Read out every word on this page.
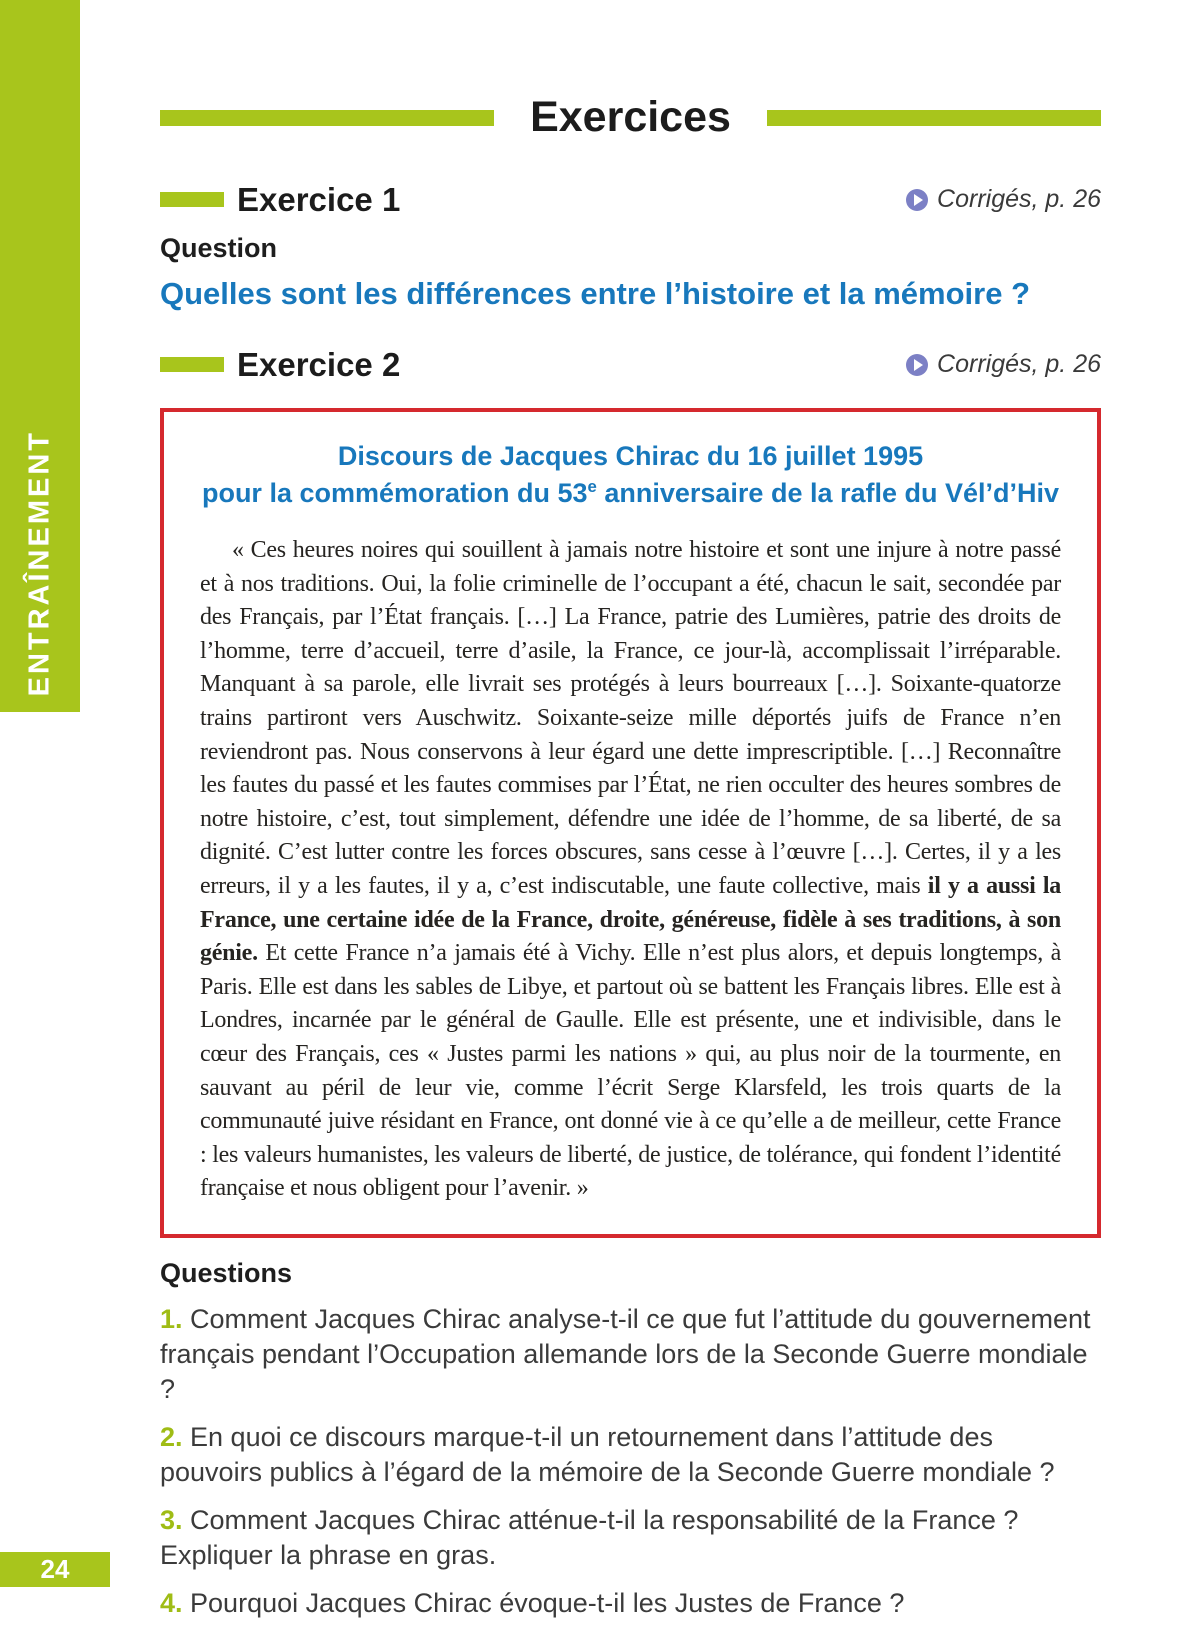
ENTRAÎNEMENT
Exercices
Exercice 1	Corrigés, p. 26
Question
Quelles sont les différences entre l’histoire et la mémoire ?
Exercice 2	Corrigés, p. 26
Discours de Jacques Chirac du 16 juillet 1995
pour la commémoration du 53e anniversaire de la rafle du Vél’d’Hiv
« Ces heures noires qui souillent à jamais notre histoire et sont une injure à notre passé et à nos traditions. Oui, la folie criminelle de l’occupant a été, chacun le sait, secondée par des Français, par l’État français. […] La France, patrie des Lumières, patrie des droits de l’homme, terre d’accueil, terre d’asile, la France, ce jour-là, accomplissait l’irréparable. Manquant à sa parole, elle livrait ses protégés à leurs bourreaux […]. Soixante-quatorze trains partiront vers Auschwitz. Soixante-seize mille déportés juifs de France n’en reviendront pas. Nous conservons à leur égard une dette imprescriptible. […] Reconnaître les fautes du passé et les fautes commises par l’État, ne rien occulter des heures sombres de notre histoire, c’est, tout simplement, défendre une idée de l’homme, de sa liberté, de sa dignité. C’est lutter contre les forces obscures, sans cesse à l’œuvre […]. Certes, il y a les erreurs, il y a les fautes, il y a, c’est indiscutable, une faute collective, mais il y a aussi la France, une certaine idée de la France, droite, généreuse, fidèle à ses traditions, à son génie. Et cette France n’a jamais été à Vichy. Elle n’est plus alors, et depuis longtemps, à Paris. Elle est dans les sables de Libye, et partout où se battent les Français libres. Elle est à Londres, incarnée par le général de Gaulle. Elle est présente, une et indivisible, dans le cœur des Français, ces « Justes parmi les nations » qui, au plus noir de la tourmente, en sauvant au péril de leur vie, comme l’écrit Serge Klarsfeld, les trois quarts de la communauté juive résidant en France, ont donné vie à ce qu’elle a de meilleur, cette France : les valeurs humanistes, les valeurs de liberté, de justice, de tolérance, qui fondent l’identité française et nous obligent pour l’avenir. »
Questions
1. Comment Jacques Chirac analyse-t-il ce que fut l’attitude du gouvernement français pendant l’Occupation allemande lors de la Seconde Guerre mondiale ?
2. En quoi ce discours marque-t-il un retournement dans l’attitude des pouvoirs publics à l’égard de la mémoire de la Seconde Guerre mondiale ?
3. Comment Jacques Chirac atténue-t-il la responsabilité de la France ? Expliquer la phrase en gras.
4. Pourquoi Jacques Chirac évoque-t-il les Justes de France ?
24
